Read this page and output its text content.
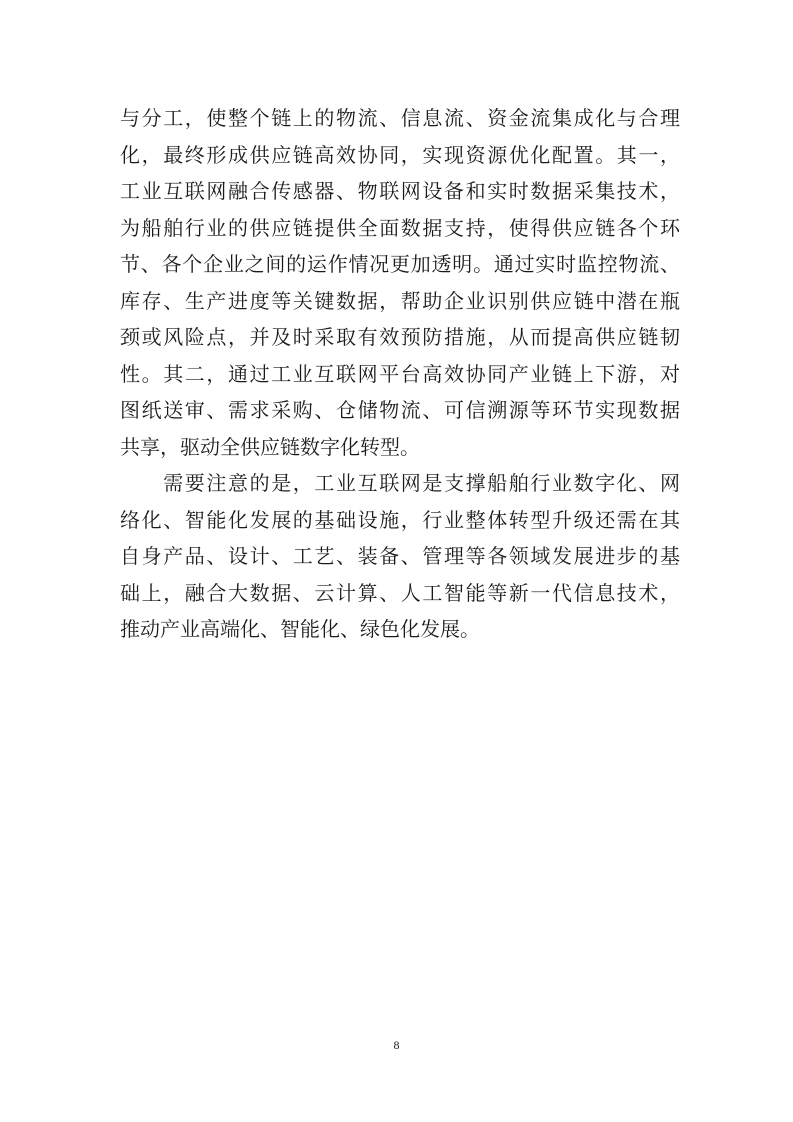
与分工，使整个链上的物流、信息流、资金流集成化与合理
化，最终形成供应链高效协同，实现资源优化配置。其一，
工业互联网融合传感器、物联网设备和实时数据采集技术，
为船舶行业的供应链提供全面数据支持，使得供应链各个环
节、各个企业之间的运作情况更加透明。通过实时监控物流、
库存、生产进度等关键数据，帮助企业识别供应链中潜在瓶
颈或风险点，并及时采取有效预防措施，从而提高供应链韧
性。其二，通过工业互联网平台高效协同产业链上下游，对
图纸送审、需求采购、仓储物流、可信溯源等环节实现数据
共享，驱动全供应链数字化转型。
　　需要注意的是，工业互联网是支撑船舶行业数字化、网
络化、智能化发展的基础设施，行业整体转型升级还需在其
自身产品、设计、工艺、装备、管理等各领域发展进步的基
础上，融合大数据、云计算、人工智能等新一代信息技术，
推动产业高端化、智能化、绿色化发展。
8
